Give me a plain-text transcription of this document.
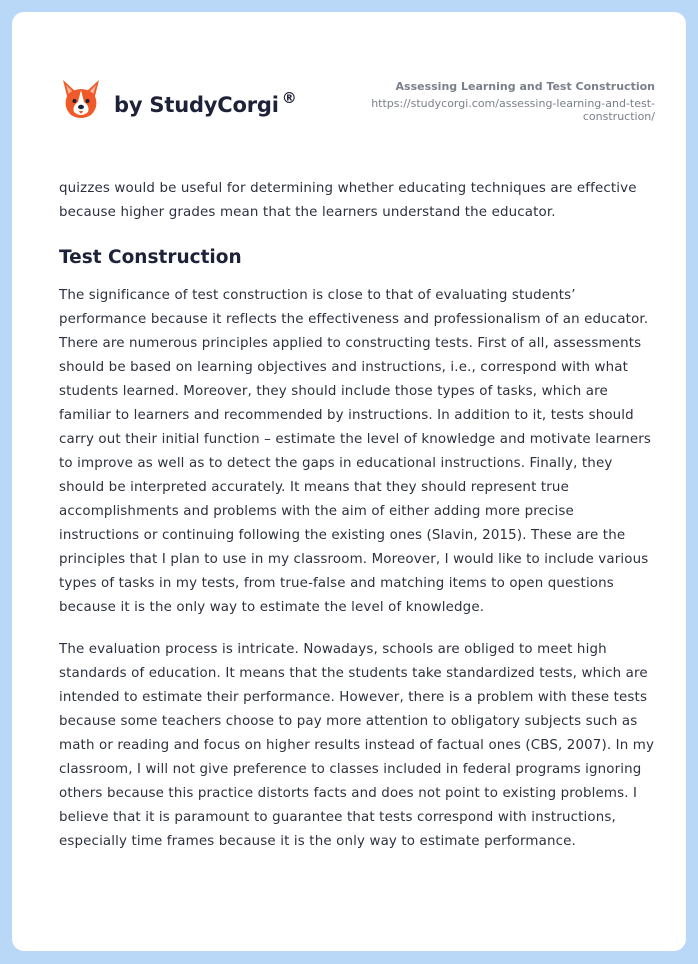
by StudyCorgi ®
Assessing Learning and Test Construction
https://studycorgi.com/assessing-learning-and-test-
construction/

quizzes would be useful for determining whether educating techniques are effective because higher grades mean that the learners understand the educator.

Test Construction

The significance of test construction is close to that of evaluating students’ performance because it reflects the effectiveness and professionalism of an educator. There are numerous principles applied to constructing tests. First of all, assessments should be based on learning objectives and instructions, i.e., correspond with what students learned. Moreover, they should include those types of tasks, which are familiar to learners and recommended by instructions. In addition to it, tests should carry out their initial function – estimate the level of knowledge and motivate learners to improve as well as to detect the gaps in educational instructions. Finally, they should be interpreted accurately. It means that they should represent true accomplishments and problems with the aim of either adding more precise instructions or continuing following the existing ones (Slavin, 2015). These are the principles that I plan to use in my classroom. Moreover, I would like to include various types of tasks in my tests, from true-false and matching items to open questions because it is the only way to estimate the level of knowledge.

The evaluation process is intricate. Nowadays, schools are obliged to meet high standards of education. It means that the students take standardized tests, which are intended to estimate their performance. However, there is a problem with these tests because some teachers choose to pay more attention to obligatory subjects such as math or reading and focus on higher results instead of factual ones (CBS, 2007). In my classroom, I will not give preference to classes included in federal programs ignoring others because this practice distorts facts and does not point to existing problems. I believe that it is paramount to guarantee that tests correspond with instructions, especially time frames because it is the only way to estimate performance.
